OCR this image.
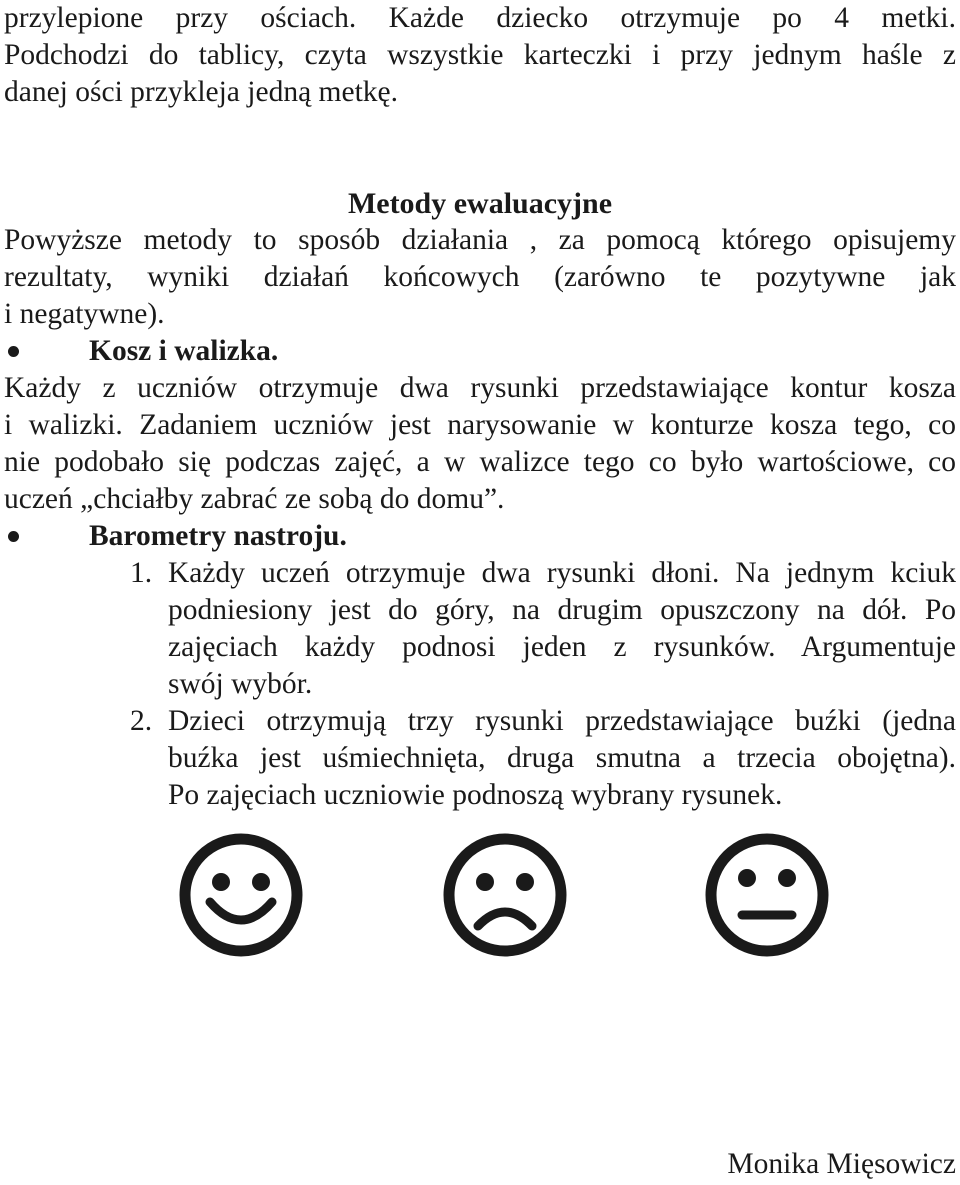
przylepione przy ościach. Każde dziecko otrzymuje po 4 metki.
Podchodzi do tablicy, czyta wszystkie karteczki i przy jednym haśle z
danej ości przykleja jedną metkę.
Metody ewaluacyjne
Powyższe metody to sposób działania , za pomocą którego opisujemy
rezultaty, wyniki działań końcowych (zarówno te pozytywne jak
i negatywne).
Kosz i walizka.
Każdy z uczniów otrzymuje dwa rysunki przedstawiające kontur kosza
i walizki. Zadaniem uczniów jest narysowanie w konturze kosza tego, co
nie podobało się podczas zajęć, a w walizce tego co było wartościowe, co
uczeń „chciałby zabrać ze sobą do domu”.
Barometry nastroju.
1. Każdy uczeń otrzymuje dwa rysunki dłoni. Na jednym kciuk
podniesiony jest do góry, na drugim opuszczony na dół. Po
zajęciach każdy podnosi jeden z rysunków. Argumentuje
swój wybór.
2. Dzieci otrzymują trzy rysunki przedstawiające buźki (jedna
buźka jest uśmiechnięta, druga smutna a trzecia obojętna).
Po zajęciach uczniowie podnoszą wybrany rysunek.
Monika Mięsowicz
